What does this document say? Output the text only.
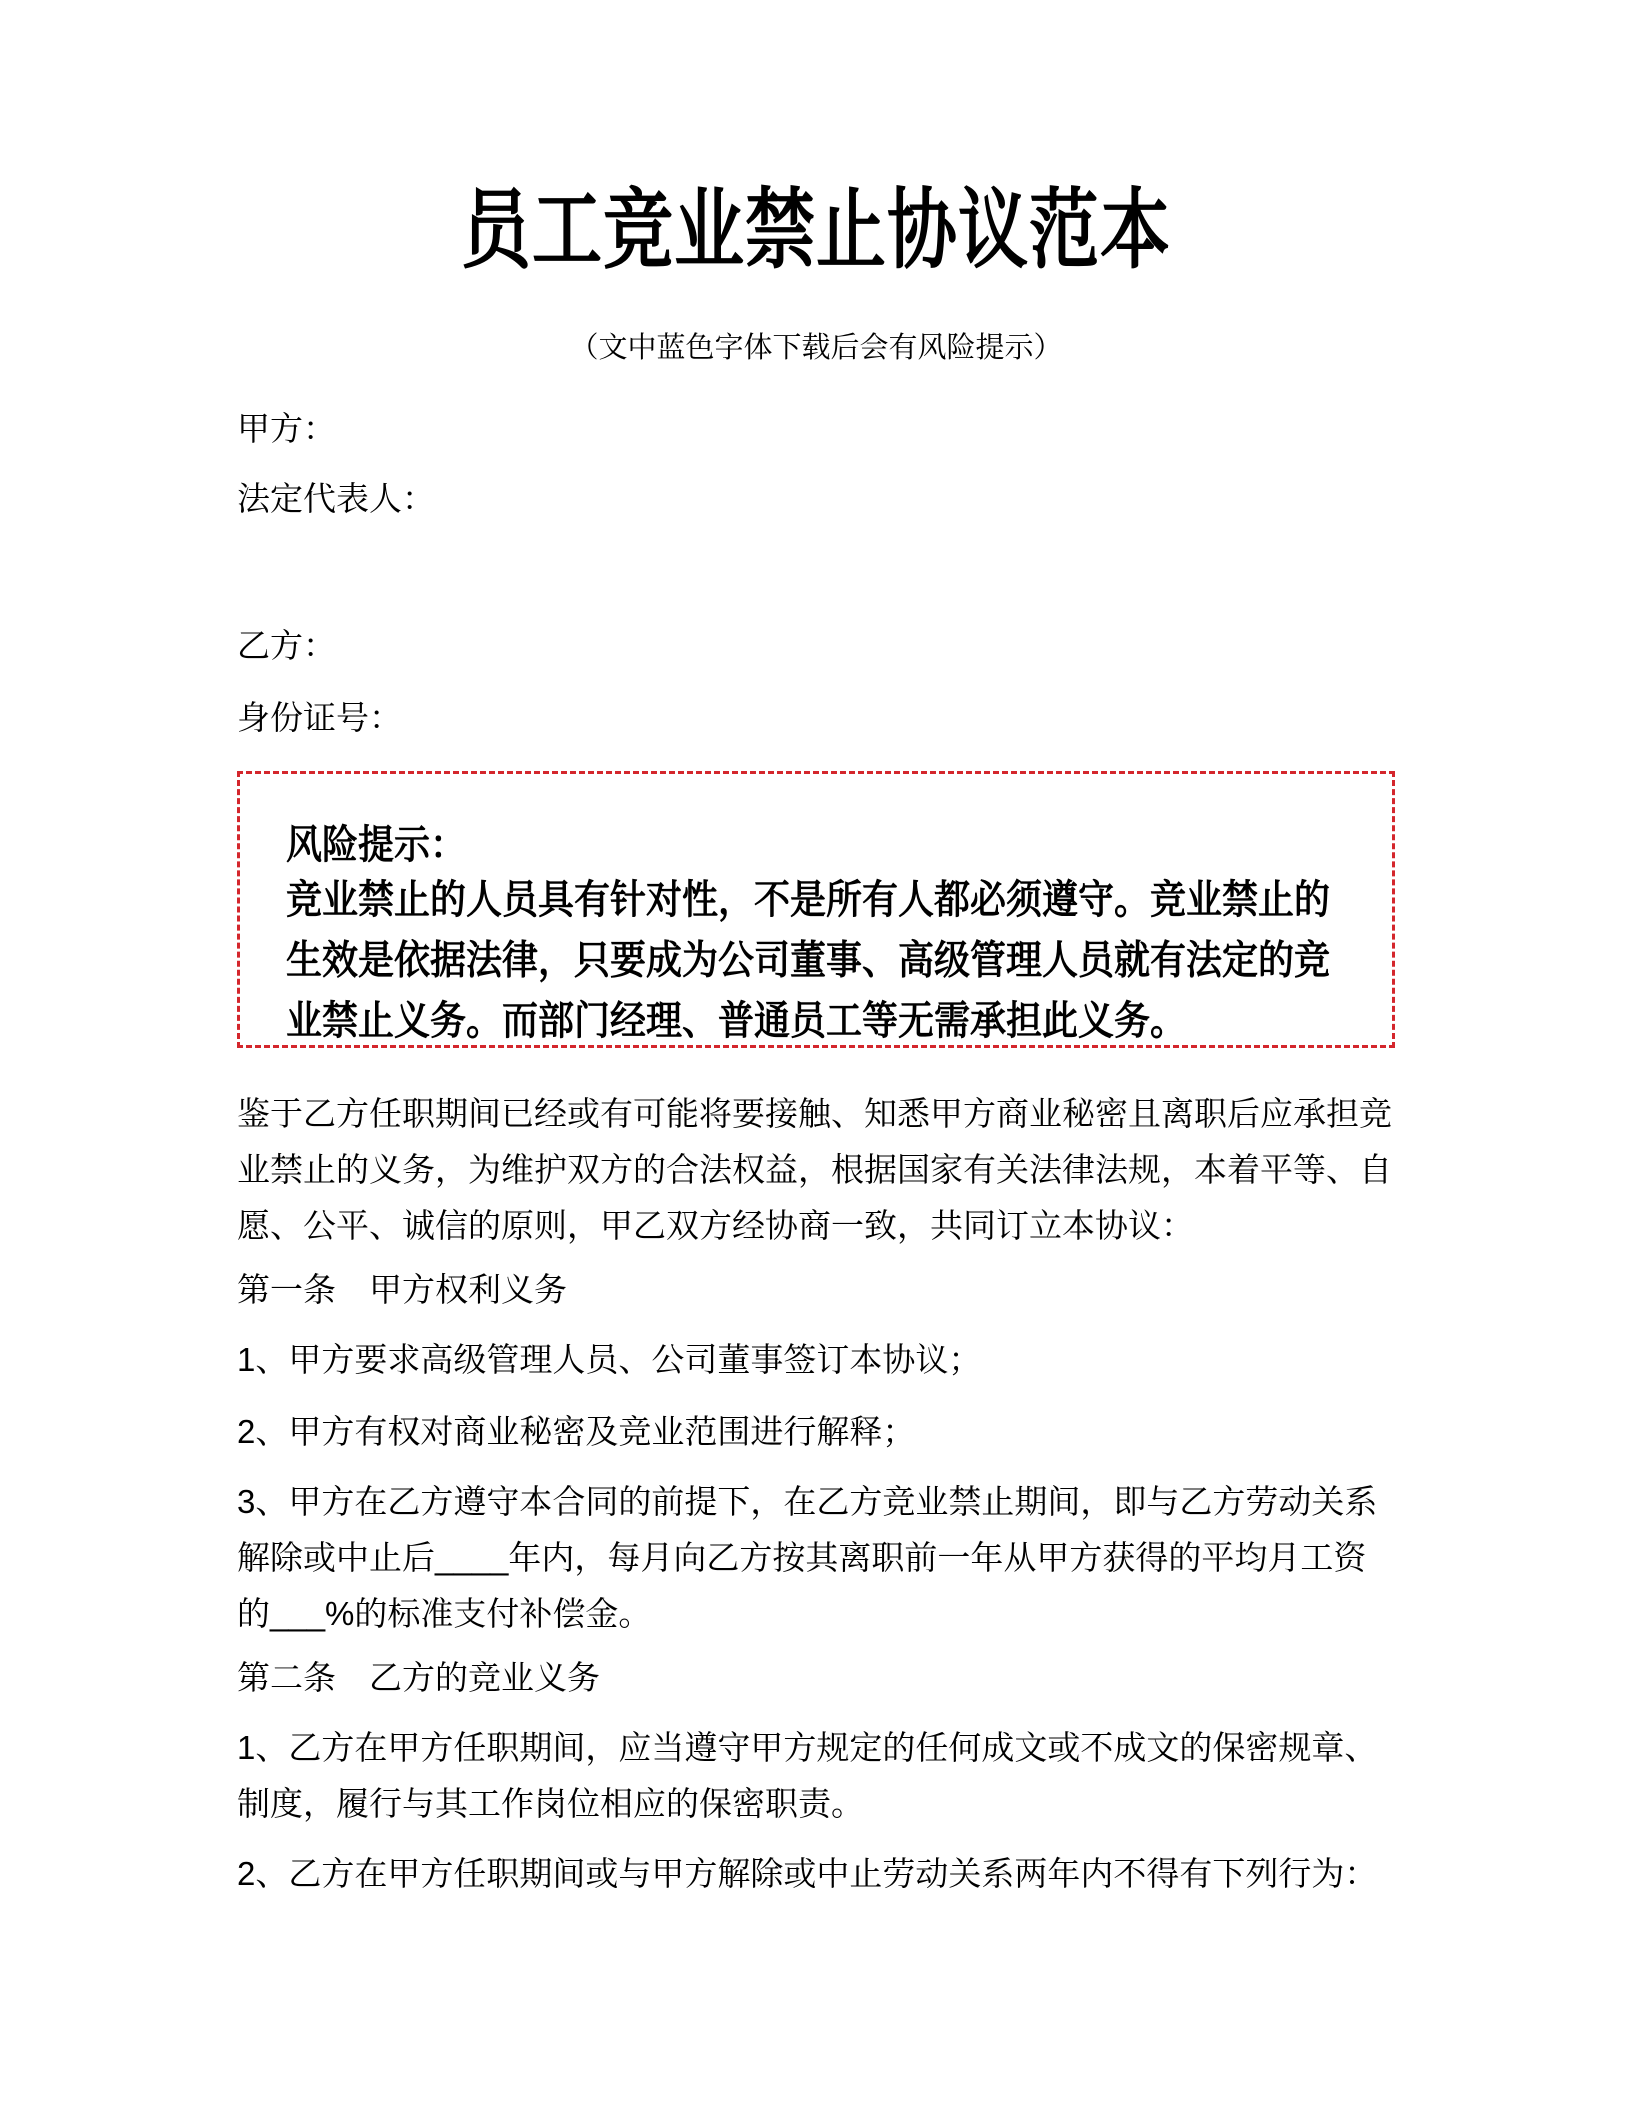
员工竞业禁止协议范本
（文中蓝色字体下载后会有风险提示）
甲方：
法定代表人：
乙方：
身份证号：
风险提示：
竞业禁止的人员具有针对性，不是所有人都必须遵守。竞业禁止的生效是依据法律，只要成为公司董事、高级管理人员就有法定的竞业禁止义务。而部门经理、普通员工等无需承担此义务。
鉴于乙方任职期间已经或有可能将要接触、知悉甲方商业秘密且离职后应承担竞业禁止的义务，为维护双方的合法权益，根据国家有关法律法规，本着平等、自愿、公平、诚信的原则，甲乙双方经协商一致，共同订立本协议：
第一条　甲方权利义务
1、甲方要求高级管理人员、公司董事签订本协议；
2、甲方有权对商业秘密及竞业范围进行解释；
3、甲方在乙方遵守本合同的前提下，在乙方竞业禁止期间，即与乙方劳动关系解除或中止后____年内，每月向乙方按其离职前一年从甲方获得的平均月工资的___%的标准支付补偿金。
第二条　乙方的竞业义务
1、乙方在甲方任职期间，应当遵守甲方规定的任何成文或不成文的保密规章、制度，履行与其工作岗位相应的保密职责。
2、乙方在甲方任职期间或与甲方解除或中止劳动关系两年内不得有下列行为：
